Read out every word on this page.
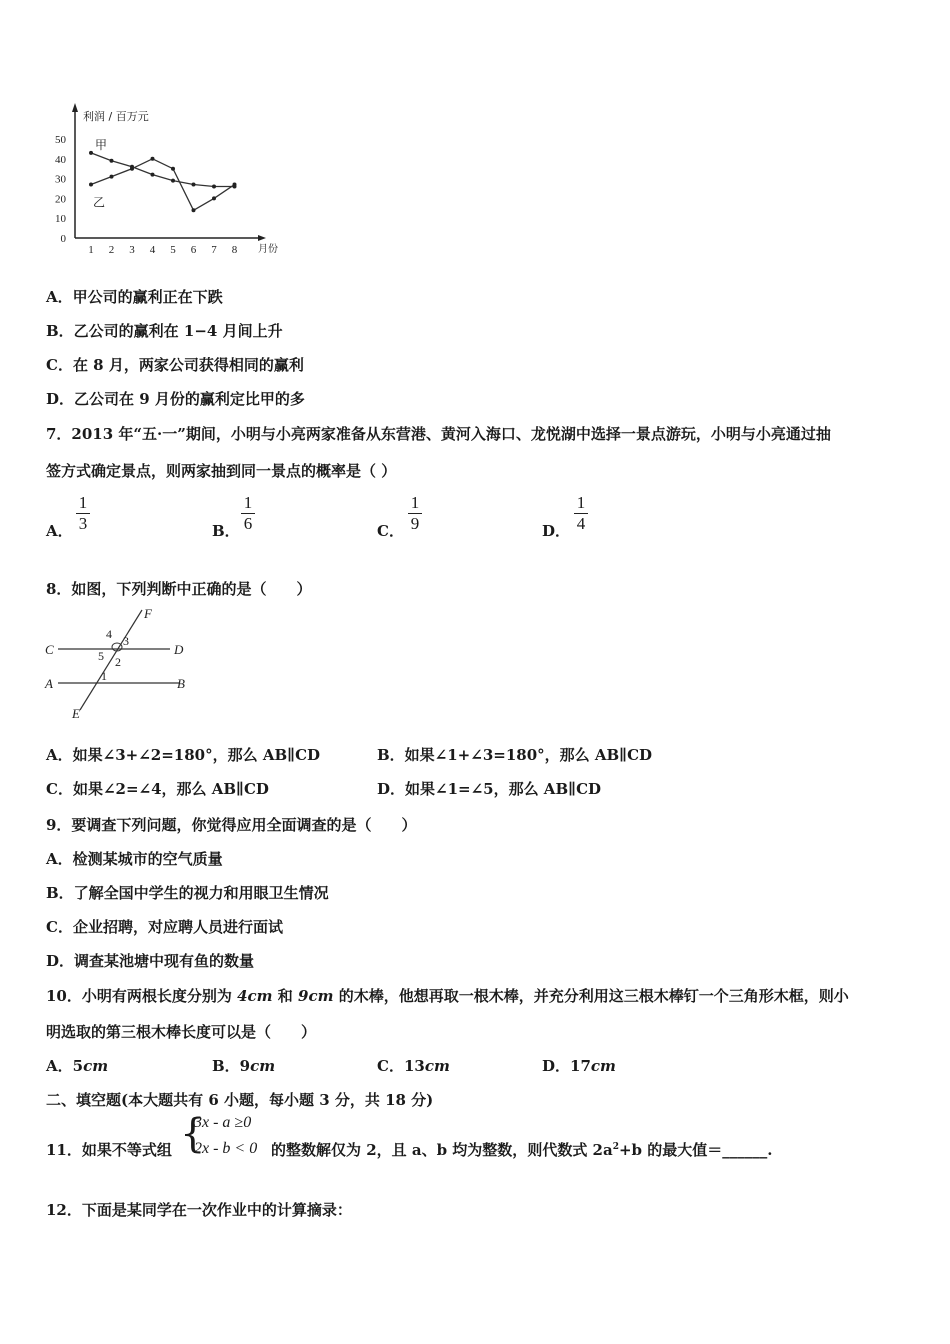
利润 / 百万元
月份
0
10
20
30
40
50
1 2 3 4 5 6 7 8
甲
乙
A．甲公司的赢利正在下跌
B．乙公司的赢利在 1−4 月间上升
C．在 8 月，两家公司获得相同的赢利
D．乙公司在 9 月份的赢利定比甲的多
7．2013 年“五·一”期间，小明与小亮两家准备从东营港、黄河入海口、龙悦湖中选择一景点游玩，小明与小亮通过抽
签方式确定景点，则两家抽到同一景点的概率是（ ）
A．
1
3	B．
1
6	C．
1
9	D．
1
4
8．如图，下列判断中正确的是（　　）
F
C	D
A	B
E
4 3
5 2
1
A．如果∠3+∠2=180°，那么 AB∥CD	B．如果∠1+∠3=180°，那么 AB∥CD
C．如果∠2=∠4，那么 AB∥CD	D．如果∠1=∠5，那么 AB∥CD
9．要调查下列问题，你觉得应用全面调查的是（　　）
A．检测某城市的空气质量
B．了解全国中学生的视力和用眼卫生情况
C．企业招聘，对应聘人员进行面试
D．调查某池塘中现有鱼的数量
10．小明有两根长度分别为 4cm 和 9cm 的木棒，他想再取一根木棒，并充分利用这三根木棒钉一个三角形木框，则小
明选取的第三根木棒长度可以是（　　）
A．5cm	B．9cm	C．13cm	D．17cm
二、填空题(本大题共有 6 小题，每小题 3 分，共 18 分)
11．如果不等式组 {
3x - a ≥0
2x - b < 0 的整数解仅为 2，且 a、b 均为整数，则代数式 $2a^2+b$ 的最大值＝______.
12．下面是某同学在一次作业中的计算摘录：
